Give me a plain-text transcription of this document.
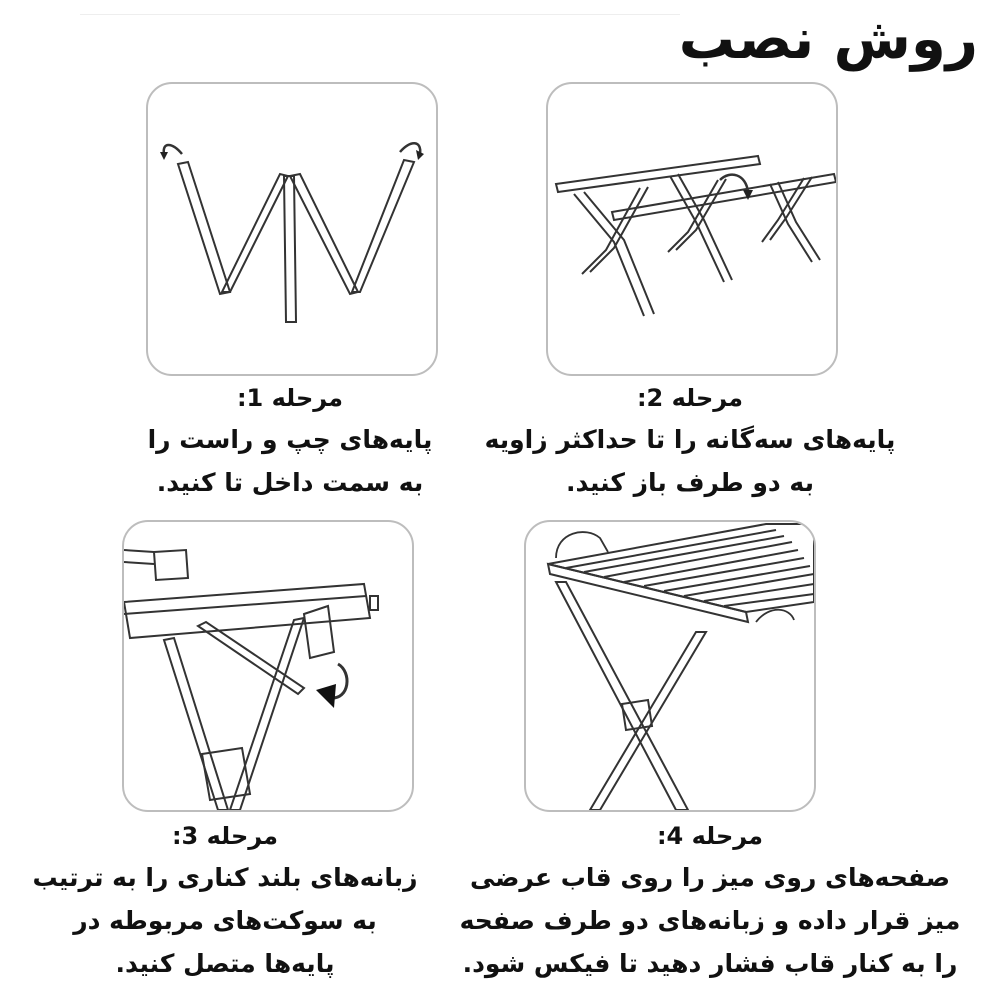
روش نصب
مرحله 1:
پایه‌های چپ و راست را
به سمت داخل تا کنید.
مرحله 2:
پایه‌های سه‌گانه را تا حداکثر زاویه
به دو طرف باز کنید.
مرحله 3:
زبانه‌های بلند کناری را به ترتیب
به سوکت‌های مربوطه در
پایه‌ها متصل کنید.
مرحله 4:
صفحه‌های روی میز را روی قاب عرضی
میز قرار داده و زبانه‌های دو طرف صفحه
را به کنار قاب فشار دهید تا فیکس شود.
